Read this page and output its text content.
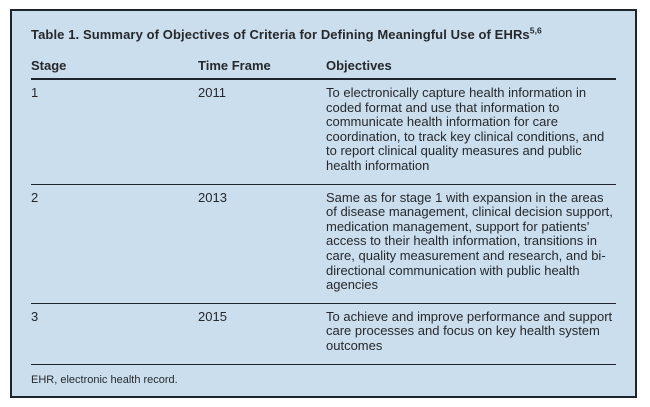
Table 1. Summary of Objectives of Criteria for Defining Meaningful Use of EHRs$^{5,6}$
Stage	Time Frame	Objectives
1	2011	To electronically capture health information in coded format and use that information to communicate health information for care coordination, to track key clinical conditions, and to report clinical quality measures and public health information
2	2013	Same as for stage 1 with expansion in the areas of disease management, clinical decision support, medication management, support for patients' access to their health information, transitions in care, quality measurement and research, and bi-directional communication with public health agencies
3	2015	To achieve and improve performance and support care processes and focus on key health system outcomes
EHR, electronic health record.
